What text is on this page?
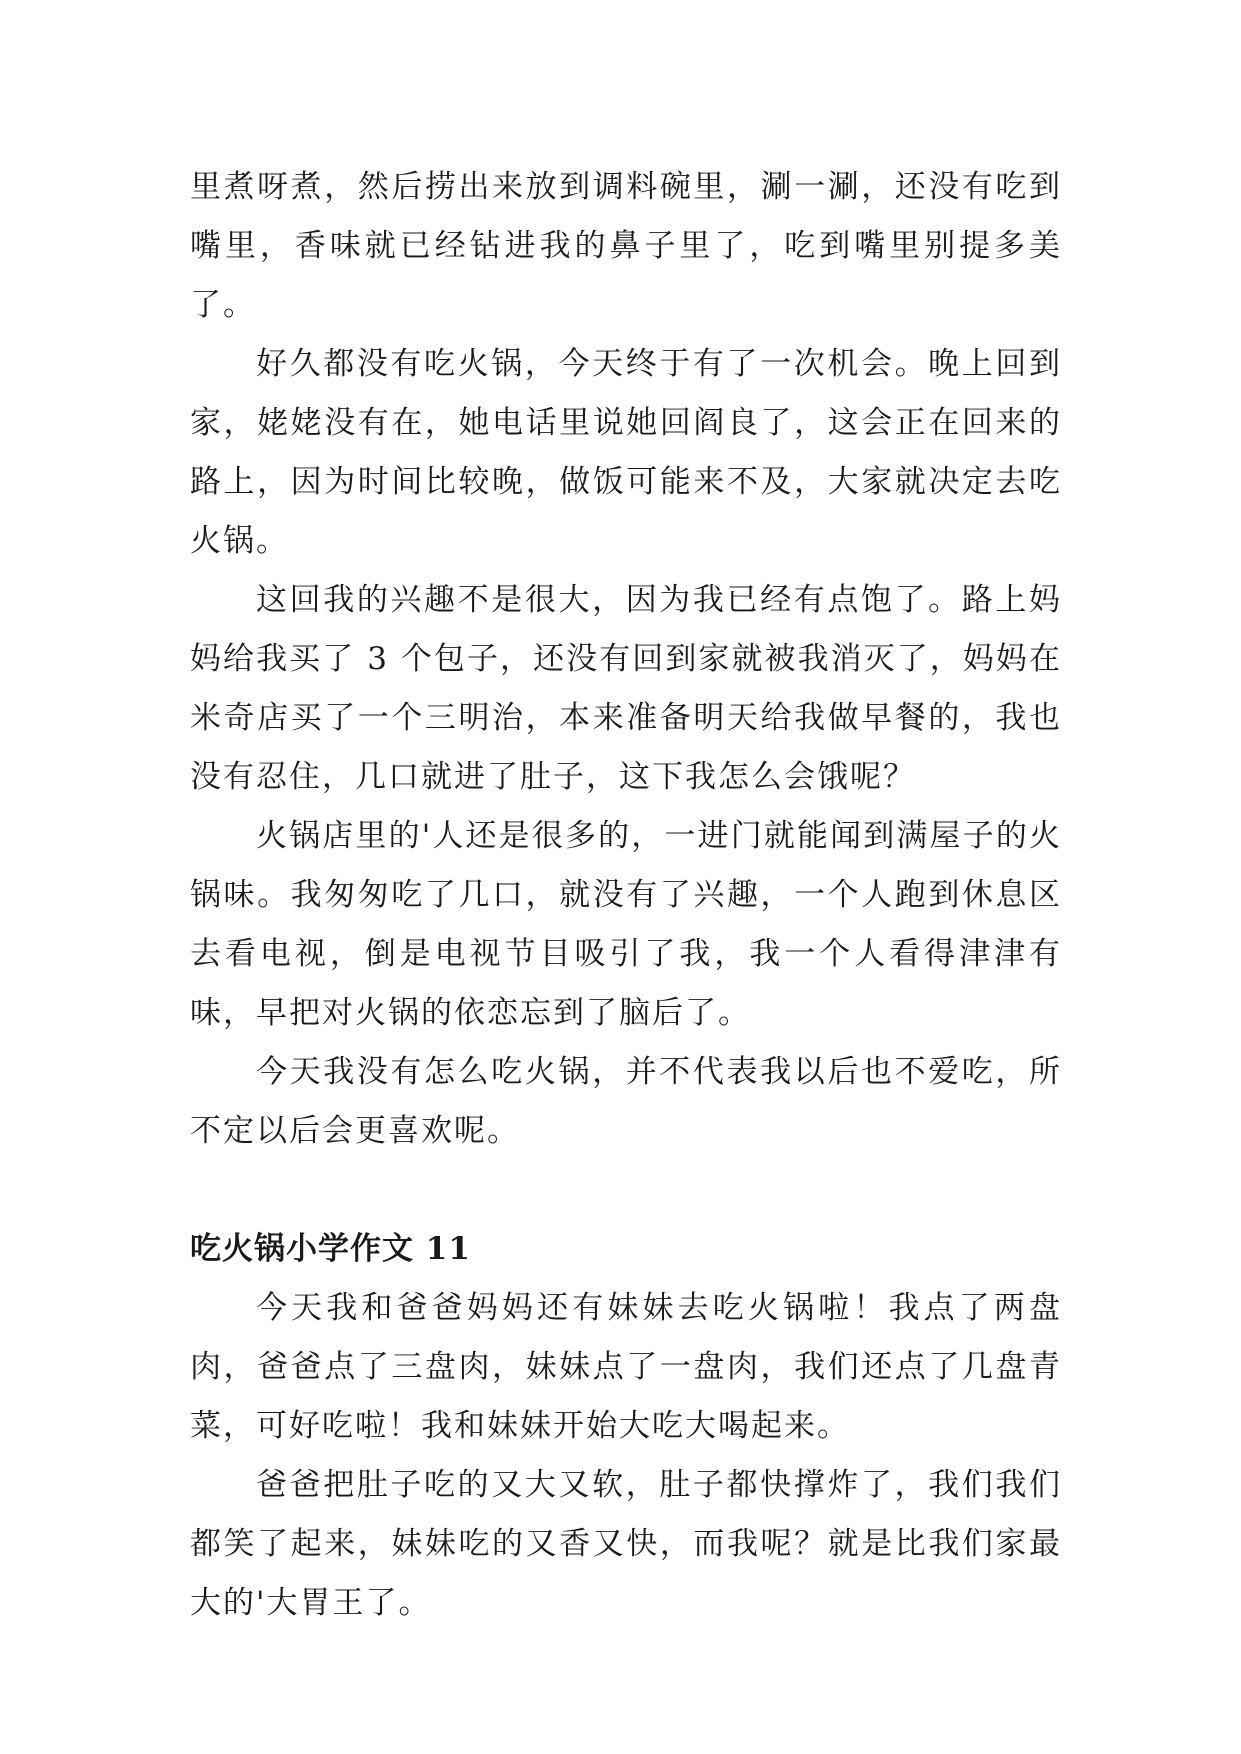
里煮呀煮，然后捞出来放到调料碗里，涮一涮，还没有吃到嘴里，香味就已经钻进我的鼻子里了，吃到嘴里别提多美了。

好久都没有吃火锅，今天终于有了一次机会。晚上回到家，姥姥没有在，她电话里说她回阎良了，这会正在回来的路上，因为时间比较晚，做饭可能来不及，大家就决定去吃火锅。

这回我的兴趣不是很大，因为我已经有点饱了。路上妈妈给我买了 3 个包子，还没有回到家就被我消灭了，妈妈在米奇店买了一个三明治，本来准备明天给我做早餐的，我也没有忍住，几口就进了肚子，这下我怎么会饿呢？

火锅店里的'人还是很多的，一进门就能闻到满屋子的火锅味。我匆匆吃了几口，就没有了兴趣，一个人跑到休息区去看电视，倒是电视节目吸引了我，我一个人看得津津有味，早把对火锅的依恋忘到了脑后了。

今天我没有怎么吃火锅，并不代表我以后也不爱吃，所不定以后会更喜欢呢。

吃火锅小学作文 11

今天我和爸爸妈妈还有妹妹去吃火锅啦！我点了两盘肉，爸爸点了三盘肉，妹妹点了一盘肉，我们还点了几盘青菜，可好吃啦！我和妹妹开始大吃大喝起来。

爸爸把肚子吃的又大又软，肚子都快撑炸了，我们我们都笑了起来，妹妹吃的又香又快，而我呢？就是比我们家最大的'大胃王了。
